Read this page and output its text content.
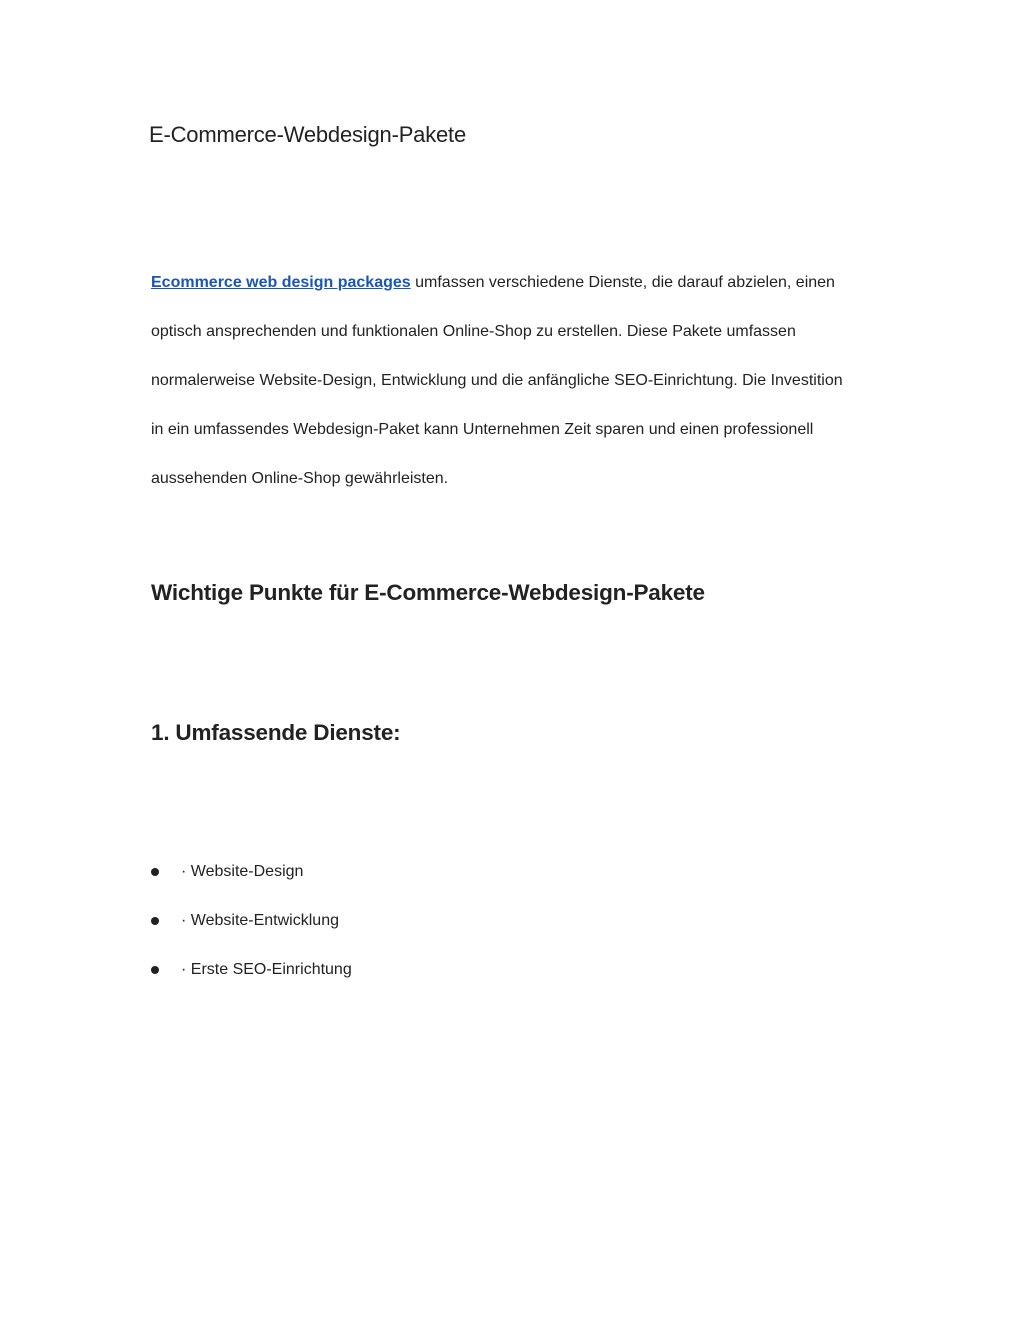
E-Commerce-Webdesign-Pakete

Ecommerce web design packages umfassen verschiedene Dienste, die darauf abzielen, einen
optisch ansprechenden und funktionalen Online-Shop zu erstellen. Diese Pakete umfassen
normalerweise Website-Design, Entwicklung und die anfängliche SEO-Einrichtung. Die Investition
in ein umfassendes Webdesign-Paket kann Unternehmen Zeit sparen und einen professionell
aussehenden Online-Shop gewährleisten.

Wichtige Punkte für E-Commerce-Webdesign-Pakete
1. Umfassende Dienste:
· Website-Design
· Website-Entwicklung
· Erste SEO-Einrichtung
